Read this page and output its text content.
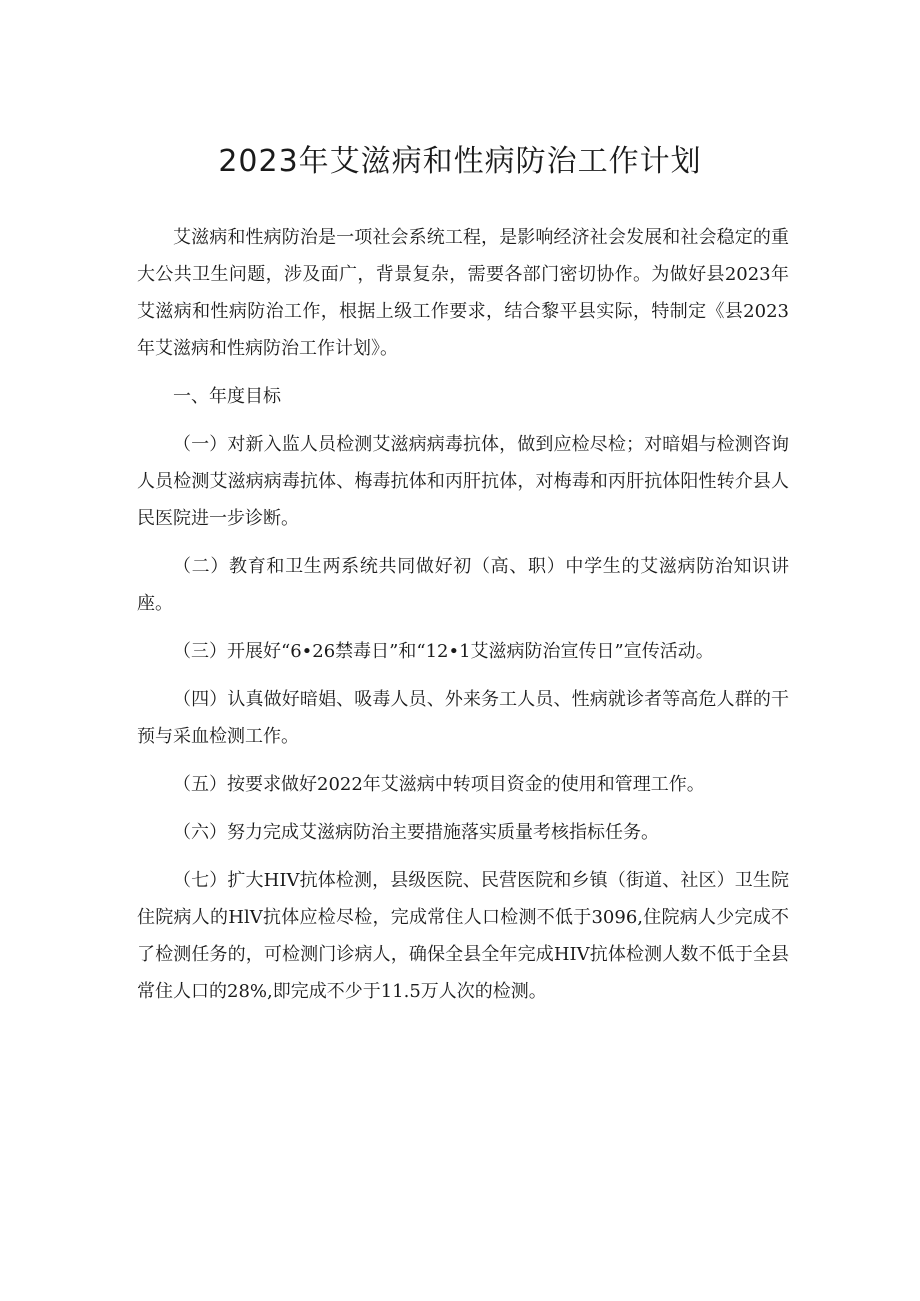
2023年艾滋病和性病防治工作计划

艾滋病和性病防治是一项社会系统工程，是影响经济社会发展和社会稳定的重大公共卫生问题，涉及面广，背景复杂，需要各部门密切协作。为做好县2023年艾滋病和性病防治工作，根据上级工作要求，结合黎平县实际，特制定《县2023年艾滋病和性病防治工作计划》。

一、年度目标

（一）对新入监人员检测艾滋病病毒抗体，做到应检尽检；对暗娼与检测咨询人员检测艾滋病病毒抗体、梅毒抗体和丙肝抗体，对梅毒和丙肝抗体阳性转介县人民医院进一步诊断。

（二）教育和卫生两系统共同做好初（高、职）中学生的艾滋病防治知识讲座。

（三）开展好“6•26禁毒日”和“12•1艾滋病防治宣传日”宣传活动。

（四）认真做好暗娼、吸毒人员、外来务工人员、性病就诊者等高危人群的干预与采血检测工作。

（五）按要求做好2022年艾滋病中转项目资金的使用和管理工作。

（六）努力完成艾滋病防治主要措施落实质量考核指标任务。

（七）扩大HIV抗体检测，县级医院、民营医院和乡镇（街道、社区）卫生院住院病人的HlV抗体应检尽检，完成常住人口检测不低于3096,住院病人少完成不了检测任务的，可检测门诊病人，确保全县全年完成HIV抗体检测人数不低于全县常住人口的28%,即完成不少于11.5万人次的检测。
